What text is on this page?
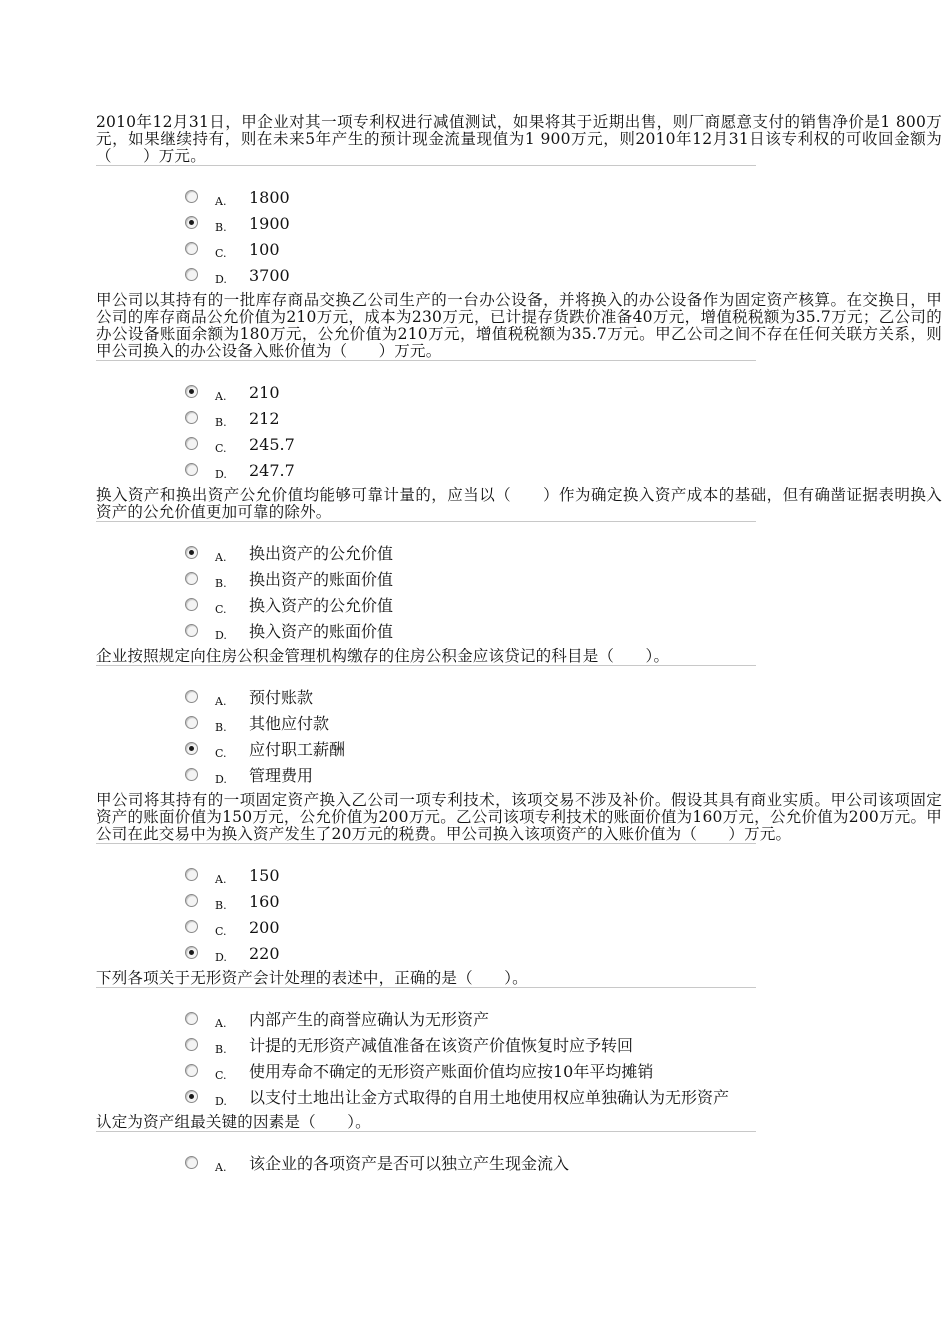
2010年12月31日，甲企业对其一项专利权进行减值测试，如果将其于近期出售，则厂商愿意支付的销售净价是1 800万元，如果继续持有，则在未来5年产生的预计现金流量现值为1 900万元，则2010年12月31日该专利权的可收回金额为（　　）万元。
A.	1800
B.	1900
C.	100
D.	3700
甲公司以其持有的一批库存商品交换乙公司生产的一台办公设备，并将换入的办公设备作为固定资产核算。在交换日，甲公司的库存商品公允价值为210万元，成本为230万元，已计提存货跌价准备40万元，增值税税额为35.7万元；乙公司的办公设备账面余额为180万元，公允价值为210万元，增值税税额为35.7万元。甲乙公司之间不存在任何关联方关系，则甲公司换入的办公设备入账价值为（　　）万元。
A.	210
B.	212
C.	245.7
D.	247.7
换入资产和换出资产公允价值均能够可靠计量的，应当以（　　）作为确定换入资产成本的基础，但有确凿证据表明换入资产的公允价值更加可靠的除外。
A.	换出资产的公允价值
B.	换出资产的账面价值
C.	换入资产的公允价值
D.	换入资产的账面价值
企业按照规定向住房公积金管理机构缴存的住房公积金应该贷记的科目是（　　）。
A.	预付账款
B.	其他应付款
C.	应付职工薪酬
D.	管理费用
甲公司将其持有的一项固定资产换入乙公司一项专利技术，该项交易不涉及补价。假设其具有商业实质。甲公司该项固定资产的账面价值为150万元，公允价值为200万元。乙公司该项专利技术的账面价值为160万元，公允价值为200万元。甲公司在此交易中为换入资产发生了20万元的税费。甲公司换入该项资产的入账价值为（　　）万元。
A.	150
B.	160
C.	200
D.	220
下列各项关于无形资产会计处理的表述中，正确的是（　　）。
A.	内部产生的商誉应确认为无形资产
B.	计提的无形资产减值准备在该资产价值恢复时应予转回
C.	使用寿命不确定的无形资产账面价值均应按10年平均摊销
D.	以支付土地出让金方式取得的自用土地使用权应单独确认为无形资产
认定为资产组最关键的因素是（　　）。
A.	该企业的各项资产是否可以独立产生现金流入
